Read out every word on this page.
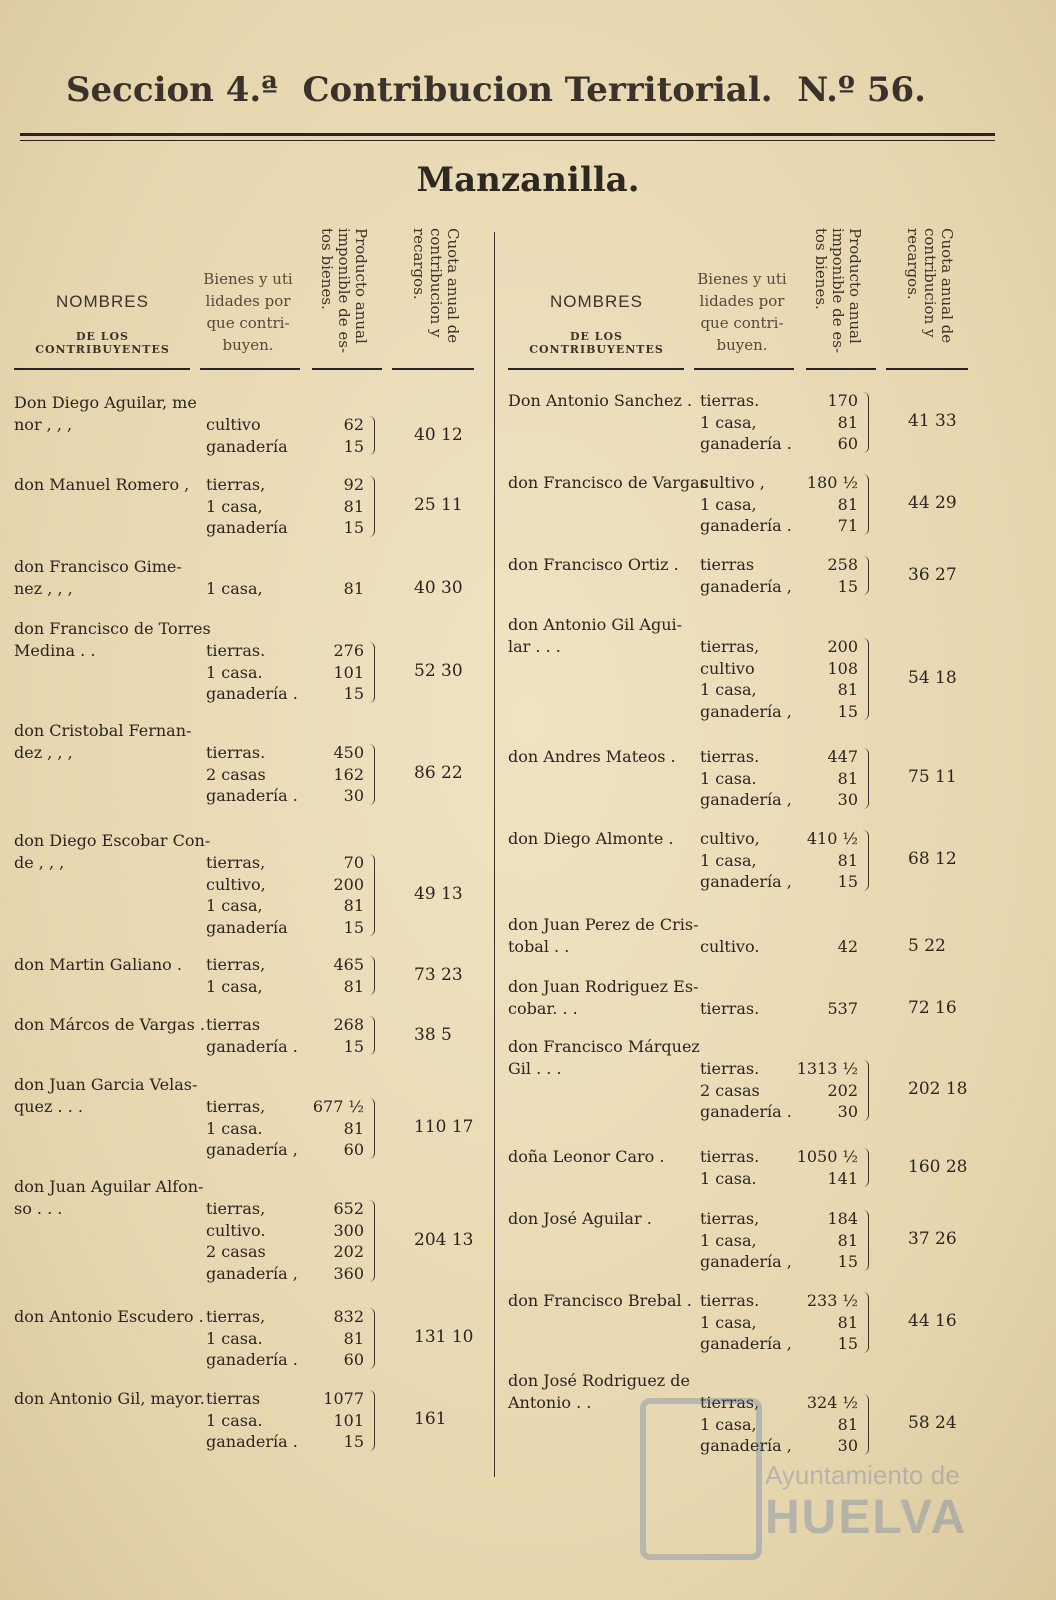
Seccion 4.ª Contribucion Territorial. N.º 56.
Manzanilla.
NOMBRES
DE LOS CONTRIBUYENTES
Bienes y uti
lidades por
que contri-
buyen.
Producto anual imponible de es- tos bienes.	Cuota anual de contribucion y recargos.
Don Diego Aguilar, me
nor , , ,	cultivo	62
ganadería	15
40 12
don Manuel Romero , tierras,	92
1 casa,	81
ganadería	15
25 11
don Francisco Gime-
nez , , ,	1 casa,	81	40 30
don Francisco de Torres
Medina . .	tierras.	276
1 casa.	101
ganadería .	15
52 30
don Cristobal Fernan-
dez , , ,	tierras.	450
2 casas	162
ganadería .	30
86 22
don Diego Escobar Con-
de , , ,	tierras,	70
cultivo,	200
1 casa,	81
ganadería	15
49 13
don Martin Galiano . tierras,	465
1 casa,	81
73 23
don Márcos de Vargas . tierras	268
ganadería .	15
38 5
don Juan Garcia Velas-
quez . . .	tierras,	677 ½
1 casa.	81
ganadería ,	60
110 17
don Juan Aguilar Alfon-
so . . .	tierras,	652
cultivo.	300
2 casas	202
ganadería ,	360
204 13
don Antonio Escudero . tierras,	832
1 casa.	81
ganadería .	60
131 10
don Antonio Gil, mayor. tierras	1077
1 casa.	101
ganadería .	15
161
NOMBRES
DE LOS CONTRIBUYENTES
Bienes y uti
lidades por
que contri-
buyen.
Producto anual imponible de es- tos bienes.	Cuota anual de contribucion y recargos.
Don Antonio Sanchez . tierras.	170
1 casa,	81
ganadería .	60
41 33
don Francisco de Vargas
cultivo ,	180 ½
1 casa,	81
ganadería .	71
44 29
don Francisco Ortiz . tierras	258
ganadería ,	15
36 27
don Antonio Gil Agui-
lar . . .	tierras,	200
cultivo	108
1 casa,	81
ganadería ,	15
54 18
don Andres Mateos . tierras.	447
1 casa.	81
ganadería ,	30
75 11
don Diego Almonte . cultivo,	410 ½
1 casa,	81
ganadería ,	15
68 12
don Juan Perez de Cris-
tobal . .	cultivo.	42	5 22
don Juan Rodriguez Es-
cobar. . .	tierras.	537	72 16
don Francisco Márquez
Gil . . .	tierras.	1313 ½
2 casas	202
ganadería .	30
202 18
doña Leonor Caro . tierras.	1050 ½
1 casa.	141
160 28
don José Aguilar .	tierras,	184
1 casa,	81
ganadería ,	15
37 26
don Francisco Brebal . tierras.	233 ½
1 casa,	81
ganadería ,	15
44 16
don José Rodriguez de
Antonio . .	tierras,	324 ½
1 casa,	81
ganadería ,	30
58 24
Ayuntamiento de
HUELVA
